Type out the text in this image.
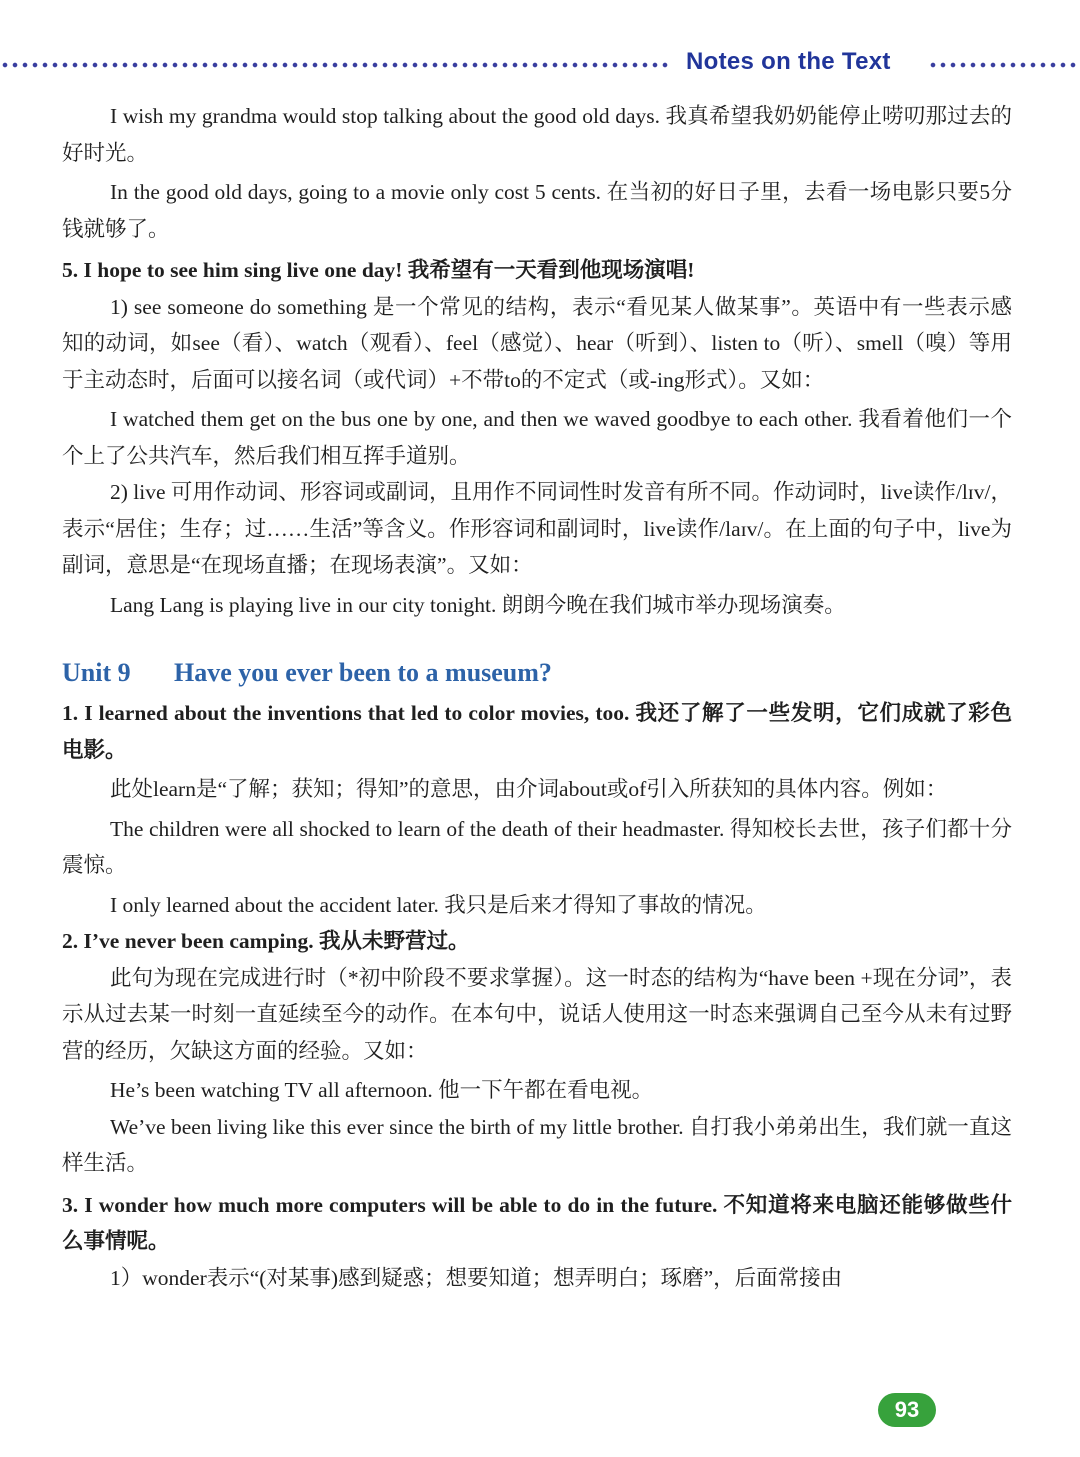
Notes on the Text

I wish my grandma would stop talking about the good old days. 我真希望我奶奶能停止唠叨那过去的好时光。

In the good old days, going to a movie only cost 5 cents. 在当初的好日子里，去看一场电影只要5分钱就够了。

5. I hope to see him sing live one day! 我希望有一天看到他现场演唱!

1) see someone do something 是一个常见的结构，表示“看见某人做某事”。英语中有一些表示感知的动词，如see（看）、watch（观看）、feel（感觉）、hear（听到）、listen to（听）、smell（嗅）等用于主动态时，后面可以接名词（或代词）+不带to的不定式（或-ing形式）。又如：

I watched them get on the bus one by one, and then we waved goodbye to each other. 我看着他们一个个上了公共汽车，然后我们相互挥手道别。

2) live 可用作动词、形容词或副词，且用作不同词性时发音有所不同。作动词时，live读作/lɪv/，表示“居住；生存；过……生活”等含义。作形容词和副词时，live读作/laɪv/。在上面的句子中，live为副词，意思是“在现场直播；在现场表演”。又如：

Lang Lang is playing live in our city tonight. 朗朗今晚在我们城市举办现场演奏。

Unit 9 Have you ever been to a museum?

1. I learned about the inventions that led to color movies, too. 我还了解了一些发明，它们成就了彩色电影。

此处learn是“了解；获知；得知”的意思，由介词about或of引入所获知的具体内容。例如：

The children were all shocked to learn of the death of their headmaster. 得知校长去世，孩子们都十分震惊。

I only learned about the accident later. 我只是后来才得知了事故的情况。

2. I’ve never been camping. 我从未野营过。

此句为现在完成进行时（*初中阶段不要求掌握）。这一时态的结构为“have been +现在分词”，表示从过去某一时刻一直延续至今的动作。在本句中，说话人使用这一时态来强调自己至今从未有过野营的经历，欠缺这方面的经验。又如：

He’s been watching TV all afternoon. 他一下午都在看电视。

We’ve been living like this ever since the birth of my little brother. 自打我小弟弟出生，我们就一直这样生活。

3. I wonder how much more computers will be able to do in the future. 不知道将来电脑还能够做些什么事情呢。

1）wonder表示“(对某事)感到疑惑；想要知道；想弄明白；琢磨”，后面常接由

93
